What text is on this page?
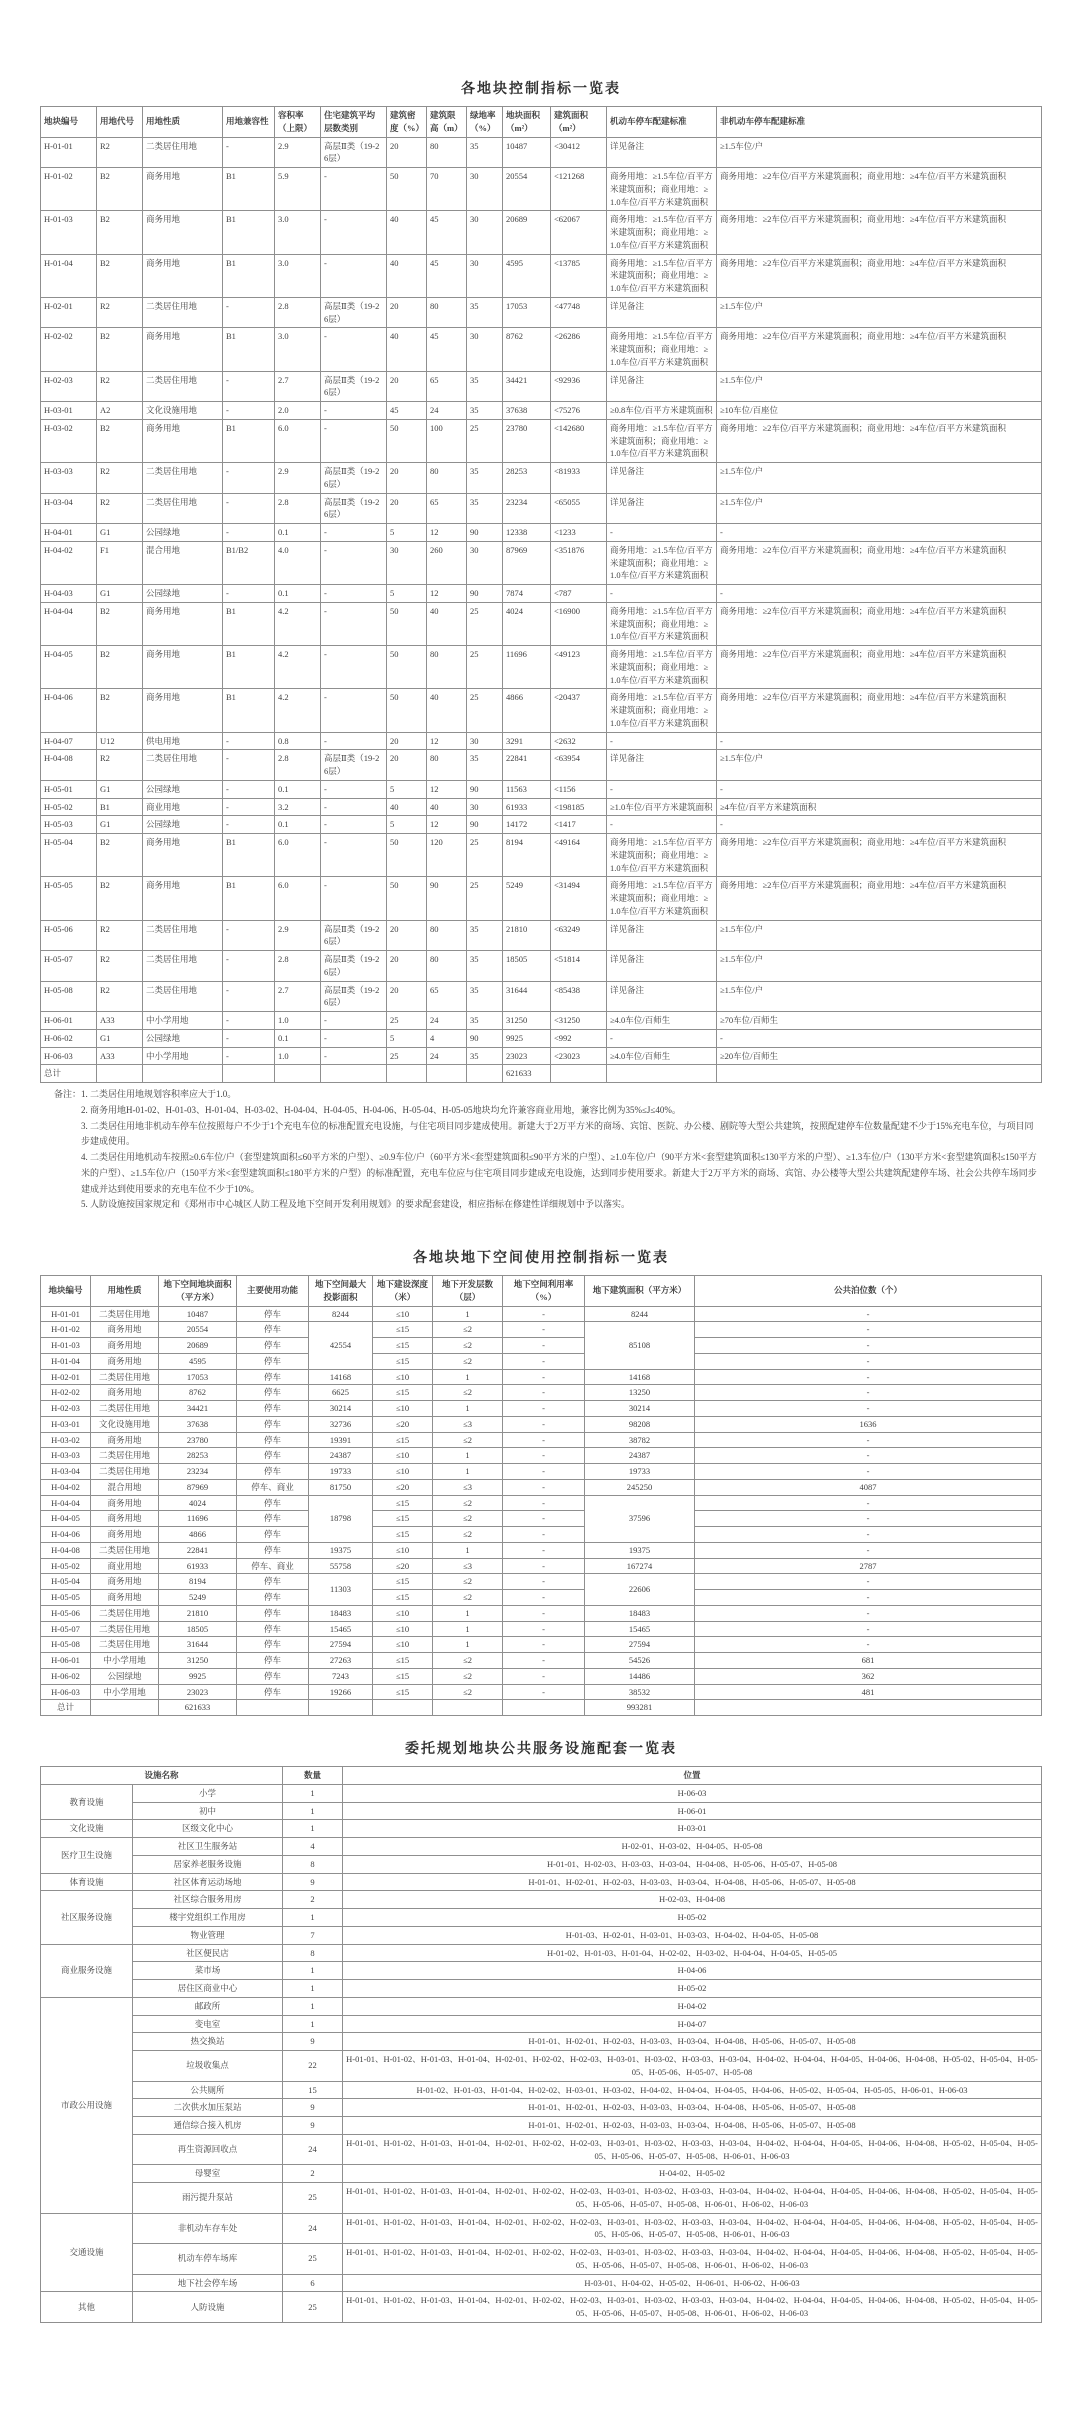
各地块控制指标一览表
地块编号	用地代号	用地性质	用地兼容性	容积率（上限）	住宅建筑平均层数类别	建筑密度（%）	建筑限高（m）	绿地率（%）	地块面积（m²）	建筑面积（m²）	机动车停车配建标准	非机动车停车配建标准
H-01-01	R2	二类居住用地	-	2.9	高层Ⅱ类（19-26层）	20	80	35	10487	<30412	详见备注	≥1.5车位/户
H-01-02	B2	商务用地	B1	5.9	-	50	70	30	20554	<121268	商务用地：≥1.5车位/百平方米建筑面积；商业用地：≥1.0车位/百平方米建筑面积	商务用地：≥2车位/百平方米建筑面积；商业用地：≥4车位/百平方米建筑面积
H-01-03	B2	商务用地	B1	3.0	-	40	45	30	20689	<62067	商务用地：≥1.5车位/百平方米建筑面积；商业用地：≥1.0车位/百平方米建筑面积	商务用地：≥2车位/百平方米建筑面积；商业用地：≥4车位/百平方米建筑面积
H-01-04	B2	商务用地	B1	3.0	-	40	45	30	4595	<13785	商务用地：≥1.5车位/百平方米建筑面积；商业用地：≥1.0车位/百平方米建筑面积	商务用地：≥2车位/百平方米建筑面积；商业用地：≥4车位/百平方米建筑面积
H-02-01	R2	二类居住用地	-	2.8	高层Ⅱ类（19-26层）	20	80	35	17053	<47748	详见备注	≥1.5车位/户
H-02-02	B2	商务用地	B1	3.0	-	40	45	30	8762	<26286	商务用地：≥1.5车位/百平方米建筑面积；商业用地：≥1.0车位/百平方米建筑面积	商务用地：≥2车位/百平方米建筑面积；商业用地：≥4车位/百平方米建筑面积
H-02-03	R2	二类居住用地	-	2.7	高层Ⅱ类（19-26层）	20	65	35	34421	<92936	详见备注	≥1.5车位/户
H-03-01	A2	文化设施用地	-	2.0	-	45	24	35	37638	<75276	≥0.8车位/百平方米建筑面积	≥10车位/百座位
H-03-02	B2	商务用地	B1	6.0	-	50	100	25	23780	<142680	商务用地：≥1.5车位/百平方米建筑面积；商业用地：≥1.0车位/百平方米建筑面积	商务用地：≥2车位/百平方米建筑面积；商业用地：≥4车位/百平方米建筑面积
H-03-03	R2	二类居住用地	-	2.9	高层Ⅱ类（19-26层）	20	80	35	28253	<81933	详见备注	≥1.5车位/户
H-03-04	R2	二类居住用地	-	2.8	高层Ⅱ类（19-26层）	20	65	35	23234	<65055	详见备注	≥1.5车位/户
H-04-01	G1	公园绿地	-	0.1	-	5	12	90	12338	<1233	-	-
H-04-02	F1	混合用地	B1/B2	4.0	-	30	260	30	87969	<351876	商务用地：≥1.5车位/百平方米建筑面积；商业用地：≥1.0车位/百平方米建筑面积	商务用地：≥2车位/百平方米建筑面积；商业用地：≥4车位/百平方米建筑面积
H-04-03	G1	公园绿地	-	0.1	-	5	12	90	7874	<787	-	-
H-04-04	B2	商务用地	B1	4.2	-	50	40	25	4024	<16900	商务用地：≥1.5车位/百平方米建筑面积；商业用地：≥1.0车位/百平方米建筑面积	商务用地：≥2车位/百平方米建筑面积；商业用地：≥4车位/百平方米建筑面积
H-04-05	B2	商务用地	B1	4.2	-	50	80	25	11696	<49123	商务用地：≥1.5车位/百平方米建筑面积；商业用地：≥1.0车位/百平方米建筑面积	商务用地：≥2车位/百平方米建筑面积；商业用地：≥4车位/百平方米建筑面积
H-04-06	B2	商务用地	B1	4.2	-	50	40	25	4866	<20437	商务用地：≥1.5车位/百平方米建筑面积；商业用地：≥1.0车位/百平方米建筑面积	商务用地：≥2车位/百平方米建筑面积；商业用地：≥4车位/百平方米建筑面积
H-04-07	U12	供电用地	-	0.8	-	20	12	30	3291	<2632	-	-
H-04-08	R2	二类居住用地	-	2.8	高层Ⅱ类（19-26层）	20	80	35	22841	<63954	详见备注	≥1.5车位/户
H-05-01	G1	公园绿地	-	0.1	-	5	12	90	11563	<1156	-	-
H-05-02	B1	商业用地	-	3.2	-	40	40	30	61933	<198185	≥1.0车位/百平方米建筑面积	≥4车位/百平方米建筑面积
H-05-03	G1	公园绿地	-	0.1	-	5	12	90	14172	<1417	-	-
H-05-04	B2	商务用地	B1	6.0	-	50	120	25	8194	<49164	商务用地：≥1.5车位/百平方米建筑面积；商业用地：≥1.0车位/百平方米建筑面积	商务用地：≥2车位/百平方米建筑面积；商业用地：≥4车位/百平方米建筑面积
H-05-05	B2	商务用地	B1	6.0	-	50	90	25	5249	<31494	商务用地：≥1.5车位/百平方米建筑面积；商业用地：≥1.0车位/百平方米建筑面积	商务用地：≥2车位/百平方米建筑面积；商业用地：≥4车位/百平方米建筑面积
H-05-06	R2	二类居住用地	-	2.9	高层Ⅱ类（19-26层）	20	80	35	21810	<63249	详见备注	≥1.5车位/户
H-05-07	R2	二类居住用地	-	2.8	高层Ⅱ类（19-26层）	20	80	35	18505	<51814	详见备注	≥1.5车位/户
H-05-08	R2	二类居住用地	-	2.7	高层Ⅱ类（19-26层）	20	65	35	31644	<85438	详见备注	≥1.5车位/户
H-06-01	A33	中小学用地	-	1.0	-	25	24	35	31250	<31250	≥4.0车位/百师生	≥70车位/百师生
H-06-02	G1	公园绿地	-	0.1	-	5	4	90	9925	<992	-	-
H-06-03	A33	中小学用地	-	1.0	-	25	24	35	23023	<23023	≥4.0车位/百师生	≥20车位/百师生
总计									621633			
备注： 1. 二类居住用地规划容积率应大于1.0。
2. 商务用地H-01-02、H-01-03、H-01-04、H-03-02、H-04-04、H-04-05、H-04-06、H-05-04、H-05-05地块均允许兼容商业用地，兼容比例为35%≤J≤40%。
3. 二类居住用地非机动车停车位按照每户不少于1个充电车位的标准配置充电设施，与住宅项目同步建成使用。新建大于2万平方米的商场、宾馆、医院、办公楼、剧院等大型公共建筑，按照配建停车位数量配建不少于15%充电车位，与项目同步建成使用。
4. 二类居住用地机动车按照≥0.6车位/户（套型建筑面积≤60平方米的户型）、≥0.9车位/户（60平方米<套型建筑面积≤90平方米的户型）、≥1.0车位/户（90平方米<套型建筑面积≤130平方米的户型）、≥1.3车位/户（130平方米<套型建筑面积≤150平方米的户型）、≥1.5车位/户（150平方米<套型建筑面积≤180平方米的户型）的标准配置，充电车位应与住宅项目同步建成充电设施，达到同步使用要求。新建大于2万平方米的商场、宾馆、办公楼等大型公共建筑配建停车场、社会公共停车场同步建成并达到使用要求的充电车位不少于10%。
5. 人防设施按国家规定和《郑州市中心城区人防工程及地下空间开发利用规划》的要求配套建设，相应指标在修建性详细规划中予以落实。
各地块地下空间使用控制指标一览表
地块编号	用地性质	地下空间地块面积（平方米）	主要使用功能	地下空间最大投影面积	地下建设深度（米）	地下开发层数（层）	地下空间利用率（%）	地下建筑面积（平方米）	公共泊位数（个）
H-01-01	二类居住用地	10487	停车	8244	≤10	1	-	8244	-
H-01-02	商务用地	20554	停车	42554	≤15	≤2	-	85108	-
H-01-03	商务用地	20689	停车		≤15	≤2	-		-
H-01-04	商务用地	4595	停车		≤15	≤2	-		-
H-02-01	二类居住用地	17053	停车	14168	≤10	1	-	14168	-
H-02-02	商务用地	8762	停车	6625	≤15	≤2	-	13250	-
H-02-03	二类居住用地	34421	停车	30214	≤10	1	-	30214	-
H-03-01	文化设施用地	37638	停车	32736	≤20	≤3	-	98208	1636
H-03-02	商务用地	23780	停车	19391	≤15	≤2	-	38782	-
H-03-03	二类居住用地	28253	停车	24387	≤10	1	-	24387	-
H-03-04	二类居住用地	23234	停车	19733	≤10	1	-	19733	-
H-04-02	混合用地	87969	停车、商业	81750	≤20	≤3	-	245250	4087
H-04-04	商务用地	4024	停车	18798	≤15	≤2	-	37596	-
H-04-05	商务用地	11696	停车		≤15	≤2	-		-
H-04-06	商务用地	4866	停车		≤15	≤2	-		-
H-04-08	二类居住用地	22841	停车	19375	≤10	1	-	19375	-
H-05-02	商业用地	61933	停车、商业	55758	≤20	≤3	-	167274	2787
H-05-04	商务用地	8194	停车	11303	≤15	≤2	-	22606	-
H-05-05	商务用地	5249	停车		≤15	≤2	-		-
H-05-06	二类居住用地	21810	停车	18483	≤10	1	-	18483	-
H-05-07	二类居住用地	18505	停车	15465	≤10	1	-	15465	-
H-05-08	二类居住用地	31644	停车	27594	≤10	1	-	27594	-
H-06-01	中小学用地	31250	停车	27263	≤15	≤2	-	54526	681
H-06-02	公园绿地	9925	停车	7243	≤15	≤2	-	14486	362
H-06-03	中小学用地	23023	停车	19266	≤15	≤2	-	38532	481
总计		621633						993281	
委托规划地块公共服务设施配套一览表
设施名称		数量	位置
教育设施	小学	1	H-06-03
	初中	1	H-06-01
文化设施	区级文化中心	1	H-03-01
医疗卫生设施	社区卫生服务站	4	H-02-01、H-03-02、H-04-05、H-05-08
	居家养老服务设施	8	H-01-01、H-02-03、H-03-03、H-03-04、H-04-08、H-05-06、H-05-07、H-05-08
体育设施	社区体育运动场地	9	H-01-01、H-02-01、H-02-03、H-03-03、H-03-04、H-04-08、H-05-06、H-05-07、H-05-08
社区服务设施	社区综合服务用房	2	H-02-03、H-04-08
	楼宇党组织工作用房	1	H-05-02
	物业管理	7	H-01-03、H-02-01、H-03-01、H-03-03、H-04-02、H-04-05、H-05-08
商业服务设施	社区便民店	8	H-01-02、H-01-03、H-01-04、H-02-02、H-03-02、H-04-04、H-04-05、H-05-05
	菜市场	1	H-04-06
	居住区商业中心	1	H-05-02
市政公用设施	邮政所	1	H-04-02
	变电室	1	H-04-07
	热交换站	9	H-01-01、H-02-01、H-02-03、H-03-03、H-03-04、H-04-08、H-05-06、H-05-07、H-05-08
	垃圾收集点	22	H-01-01、H-01-02、H-01-03、H-01-04、H-02-01、H-02-02、H-02-03、H-03-01、H-03-02、H-03-03、H-03-04、H-04-02、H-04-04、H-04-05、H-04-06、H-04-08、H-05-02、H-05-04、H-05-05、H-05-06、H-05-07、H-05-08
	公共厕所	15	H-01-02、H-01-03、H-01-04、H-02-02、H-03-01、H-03-02、H-04-02、H-04-04、H-04-05、H-04-06、H-05-02、H-05-04、H-05-05、H-06-01、H-06-03
	二次供水加压泵站	9	H-01-01、H-02-01、H-02-03、H-03-03、H-03-04、H-04-08、H-05-06、H-05-07、H-05-08
	通信综合接入机房	9	H-01-01、H-02-01、H-02-03、H-03-03、H-03-04、H-04-08、H-05-06、H-05-07、H-05-08
	再生资源回收点	24	H-01-01、H-01-02、H-01-03、H-01-04、H-02-01、H-02-02、H-02-03、H-03-01、H-03-02、H-03-03、H-03-04、H-04-02、H-04-04、H-04-05、H-04-06、H-04-08、H-05-02、H-05-04、H-05-05、H-05-06、H-05-07、H-05-08、H-06-01、H-06-03
	母婴室	2	H-04-02、H-05-02
	雨污提升泵站	25	H-01-01、H-01-02、H-01-03、H-01-04、H-02-01、H-02-02、H-02-03、H-03-01、H-03-02、H-03-03、H-03-04、H-04-02、H-04-04、H-04-05、H-04-06、H-04-08、H-05-02、H-05-04、H-05-05、H-05-06、H-05-07、H-05-08、H-06-01、H-06-02、H-06-03
交通设施	非机动车存车处	24	H-01-01、H-01-02、H-01-03、H-01-04、H-02-01、H-02-02、H-02-03、H-03-01、H-03-02、H-03-03、H-03-04、H-04-02、H-04-04、H-04-05、H-04-06、H-04-08、H-05-02、H-05-04、H-05-05、H-05-06、H-05-07、H-05-08、H-06-01、H-06-03
	机动车停车场库	25	H-01-01、H-01-02、H-01-03、H-01-04、H-02-01、H-02-02、H-02-03、H-03-01、H-03-02、H-03-03、H-03-04、H-04-02、H-04-04、H-04-05、H-04-06、H-04-08、H-05-02、H-05-04、H-05-05、H-05-06、H-05-07、H-05-08、H-06-01、H-06-02、H-06-03
	地下社会停车场	6	H-03-01、H-04-02、H-05-02、H-06-01、H-06-02、H-06-03
其他	人防设施	25	H-01-01、H-01-02、H-01-03、H-01-04、H-02-01、H-02-02、H-02-03、H-03-01、H-03-02、H-03-03、H-03-04、H-04-02、H-04-04、H-04-05、H-04-06、H-04-08、H-05-02、H-05-04、H-05-05、H-05-06、H-05-07、H-05-08、H-06-01、H-06-02、H-06-03
